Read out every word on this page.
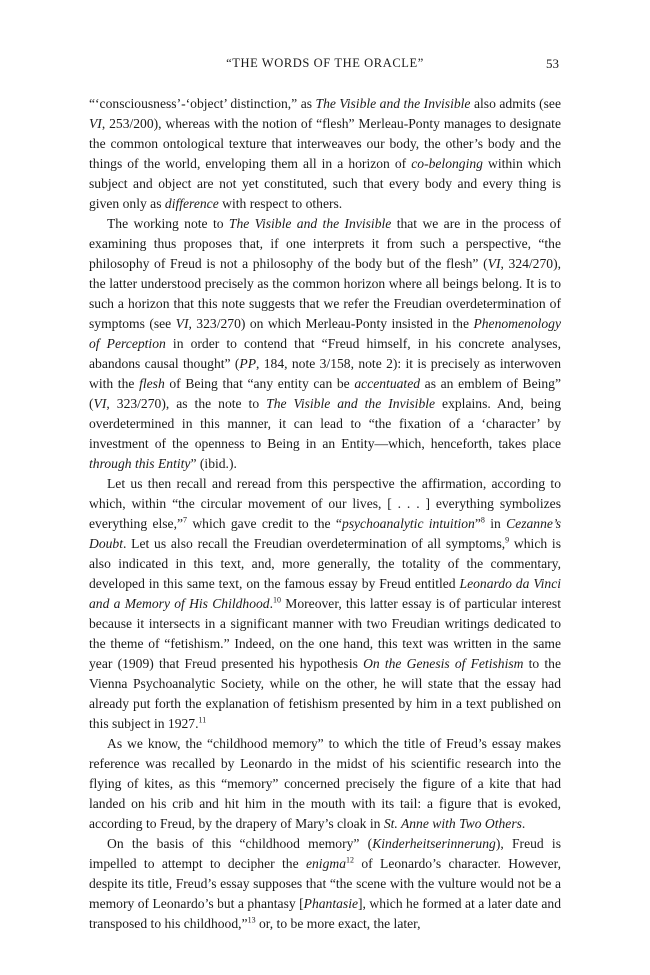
“THE WORDS OF THE ORACLE”	53

“‘consciousness’-‘object’ distinction,” as The Visible and the Invisible also admits (see VI, 253/200), whereas with the notion of “flesh” Merleau-Ponty manages to designate the common ontological texture that interweaves our body, the other’s body and the things of the world, enveloping them all in a horizon of co-belonging within which subject and object are not yet constituted, such that every body and every thing is given only as difference with respect to others.

The working note to The Visible and the Invisible that we are in the process of examining thus proposes that, if one interprets it from such a perspective, “the philosophy of Freud is not a philosophy of the body but of the flesh” (VI, 324/270), the latter understood precisely as the common horizon where all beings belong. It is to such a horizon that this note suggests that we refer the Freudian overdetermination of symptoms (see VI, 323/270) on which Merleau-Ponty insisted in the Phenomenology of Perception in order to contend that “Freud himself, in his concrete analyses, abandons causal thought” (PP, 184, note 3/158, note 2): it is precisely as interwoven with the flesh of Being that “any entity can be accentuated as an emblem of Being” (VI, 323/270), as the note to The Visible and the Invisible explains. And, being overdetermined in this manner, it can lead to “the fixation of a ‘character’ by investment of the openness to Being in an Entity—which, henceforth, takes place through this Entity” (ibid.).

Let us then recall and reread from this perspective the affirmation, according to which, within “the circular movement of our lives, [ . . . ] everything symbolizes everything else,”$^7$ which gave credit to the “psychoanalytic intuition”$^8$ in Cezanne’s Doubt. Let us also recall the Freudian overdetermination of all symptoms,$^9$ which is also indicated in this text, and, more generally, the totality of the commentary, developed in this same text, on the famous essay by Freud entitled Leonardo da Vinci and a Memory of His Childhood.$^{10}$ Moreover, this latter essay is of particular interest because it intersects in a significant manner with two Freudian writings dedicated to the theme of “fetishism.” Indeed, on the one hand, this text was written in the same year (1909) that Freud presented his hypothesis On the Genesis of Fetishism to the Vienna Psychoanalytic Society, while on the other, he will state that the essay had already put forth the explanation of fetishism presented by him in a text published on this subject in 1927.11

As we know, the “childhood memory” to which the title of Freud’s essay makes reference was recalled by Leonardo in the midst of his scientific research into the flying of kites, as this “memory” concerned precisely the figure of a kite that had landed on his crib and hit him in the mouth with its tail: a figure that is evoked, according to Freud, by the drapery of Mary’s cloak in St. Anne with Two Others.

On the basis of this “childhood memory” (Kinderheitserinnerung), Freud is impelled to attempt to decipher the enigma$^{12}$ of Leonardo’s character. However, despite its title, Freud’s essay supposes that “the scene with the vulture would not be a memory of Leonardo’s but a phantasy [Phantasie], which he formed at a later date and transposed to his childhood,”$^{13}$ or, to be more exact, the later,
